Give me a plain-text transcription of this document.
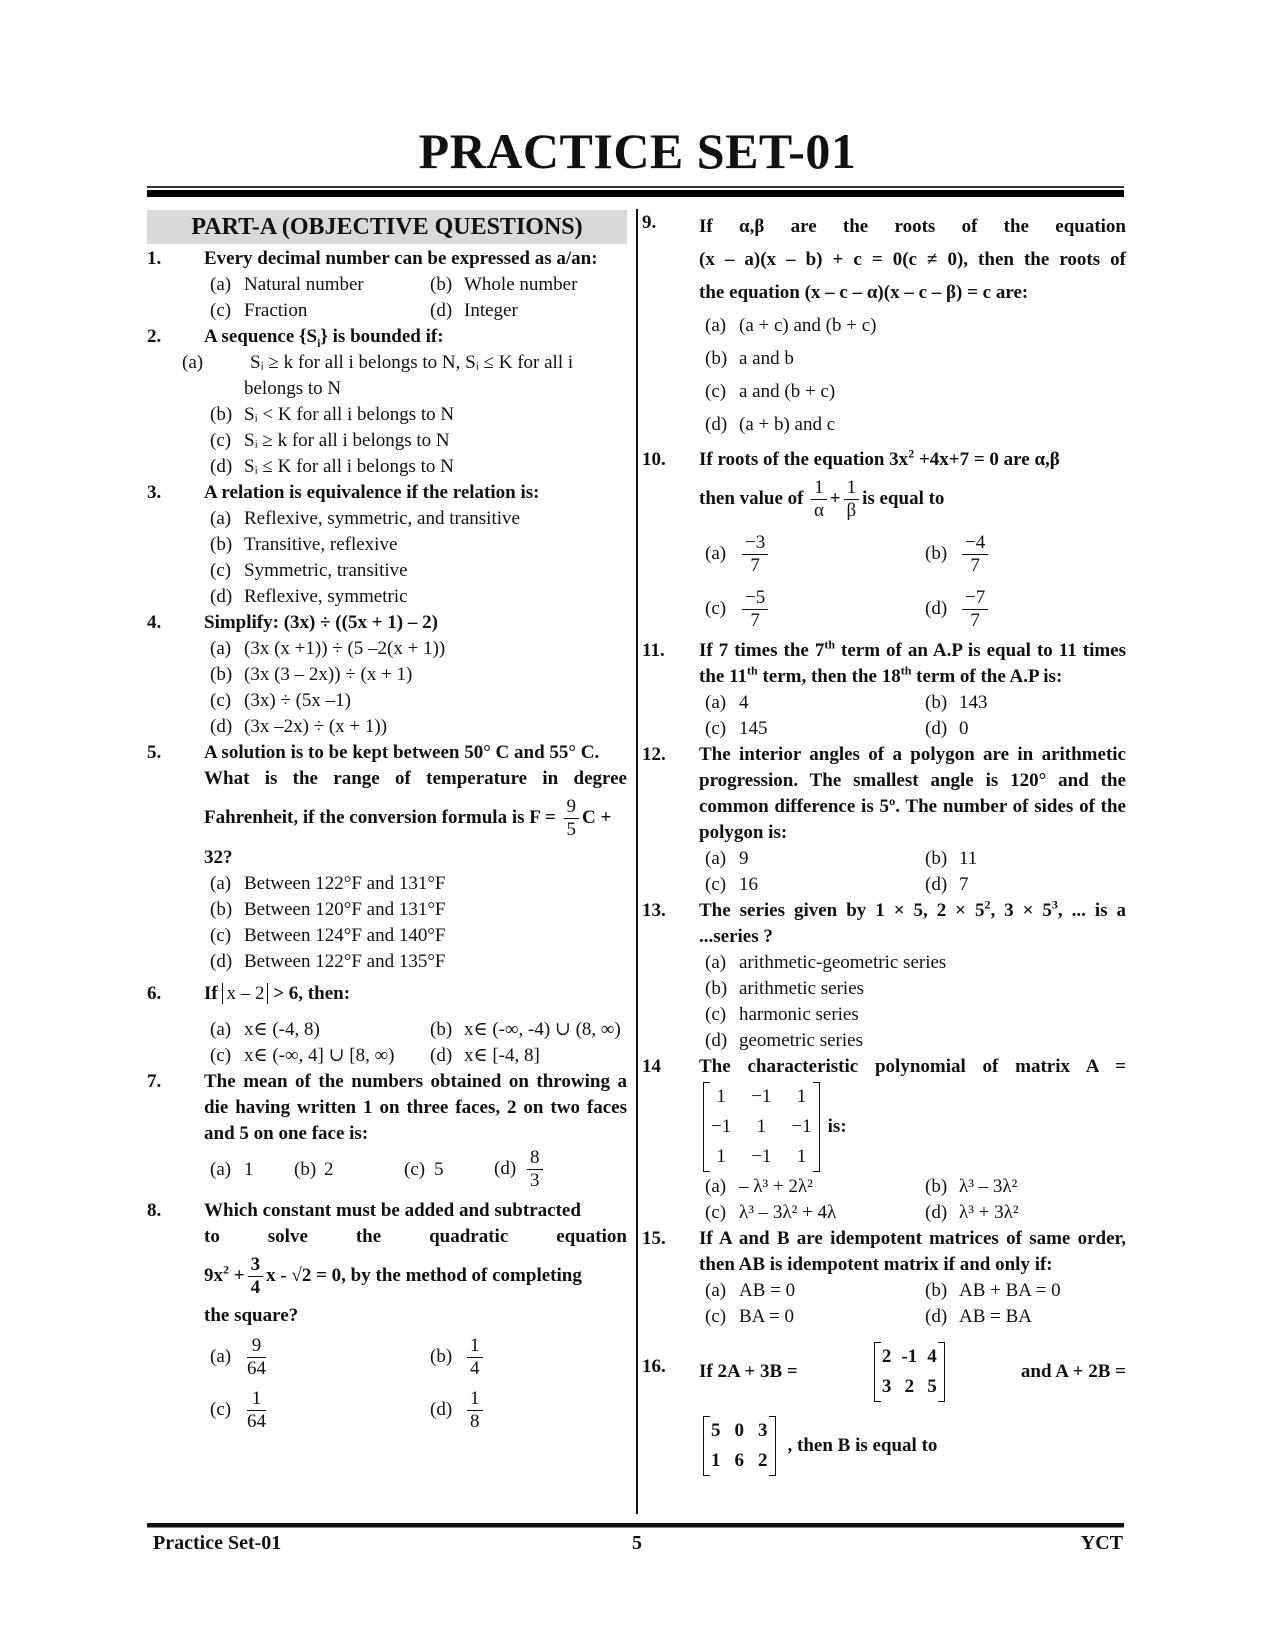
PRACTICE SET-01
PART-A (OBJECTIVE QUESTIONS)
1.	Every decimal number can be expressed as a/an:
(a) Natural number	(b) Whole number
(c) Fraction	(d) Integer
2.	A sequence $\{S_i\}$ is bounded if:
(a) Sᵢ ≥ k for all i belongs to N, Sᵢ ≤ K for all i belongs to N
(b) Sᵢ < K for all i belongs to N
(c) Sᵢ ≥ k for all i belongs to N
(d) Sᵢ ≤ K for all i belongs to N
3.	A relation is equivalence if the relation is:
(a) Reflexive, symmetric, and transitive
(b) Transitive, reflexive
(c) Symmetric, transitive
(d) Reflexive, symmetric
4.	Simplify: (3x) ÷ ((5x + 1) – 2)
(a) (3x (x +1)) ÷ (5 –2(x + 1))
(b) (3x (3 – 2x)) ÷ (x + 1)
(c) (3x) ÷ (5x –1)
(d) (3x –2x) ÷ (x + 1))
5.	A solution is to be kept between 50° C and 55° C.
What is the range of temperature in degree
Fahrenheit, if the conversion formula is $F = \frac{9}{5}$ C +
32?
(a) Between 122°F and 131°F
(b) Between 120°F and 131°F
(c) Between 124°F and 140°F
(d) Between 122°F and 135°F
6.	If x – 2 > 6, then:
(a) x∈ (-4, 8)	(b) x∈ (-∞, -4) ∪ (8, ∞)
(c) x∈ (-∞, 4] ∪ [8, ∞)	(d) x∈ [-4, 8]
7.	The mean of the numbers obtained on throwing a die having written 1 on three faces, 2 on two faces and 5 on one face is:
(a) 1	(b) 2	(c) 5	$(d) \frac{8}{3}$
8.	Which constant must be added and subtracted
to	solve	the	quadratic	equation
$9x^2 + \frac{3}{4}$ x - √2 = 0, by the method of completing
the square?
$(a) \frac{9}{64}$	$(b) \frac{1}{4}$
$(c) \frac{1}{64}$	$(d) \frac{1}{8}$
9.	If α,β are the roots of the equation
(x – a)(x – b) + c = 0(c ≠ 0), then the roots of
the equation (x – c – α)(x – c – β) = c are:
(a) (a + c) and (b + c)
(b) a and b
(c) a and (b + c)
(d) (a + b) and c
10.	If roots of the equation $3x^2 +4x+7 = 0$ are α,β
then value of $\frac{1}{\alpha} + \frac{1}{\beta}$ is equal to
$(a) \frac{-3}{7}$	$(b) \frac{-4}{7}$
$(c) \frac{-5}{7}$	$(d) \frac{-7}{7}$
11.	If 7 times the 7th term of an A.P is equal to 11 times the 11th term, then the 18th term of the A.P is:
(a) 4	(b) 143
(c) 145	(d) 0
12.	The interior angles of a polygon are in arithmetic progression. The smallest angle is 120° and the common difference is 5º. The number of sides of the polygon is:
(a) 9	(b) 11
(c) 16	(d) 7
13.	The series given by 1 × 5, $2 \times 5^2$, $3 \times 5^3$, ... is a ...series ?
(a) arithmetic-geometric series
(b) arithmetic series
(c) harmonic series
(d) geometric series
14	The characteristic polynomial of matrix A =
1 −1 1
−1 1 −1
1 −1 1
is:
(a) – λ³ + 2λ²	(b) λ³ – 3λ²
(c) λ³ – 3λ² + 4λ	(d) λ³ + 3λ²
15.	If A and B are idempotent matrices of same order, then AB is idempotent matrix if and only if:
(a) AB = 0	(b) AB + BA = 0
(c) BA = 0	(d) AB = BA
16.	If 2A + 3B =
2 -1 4
3 2 5
and A + 2B =
5 0 3
1 6 2
, then B is equal to
Practice Set-01	5	YCT
